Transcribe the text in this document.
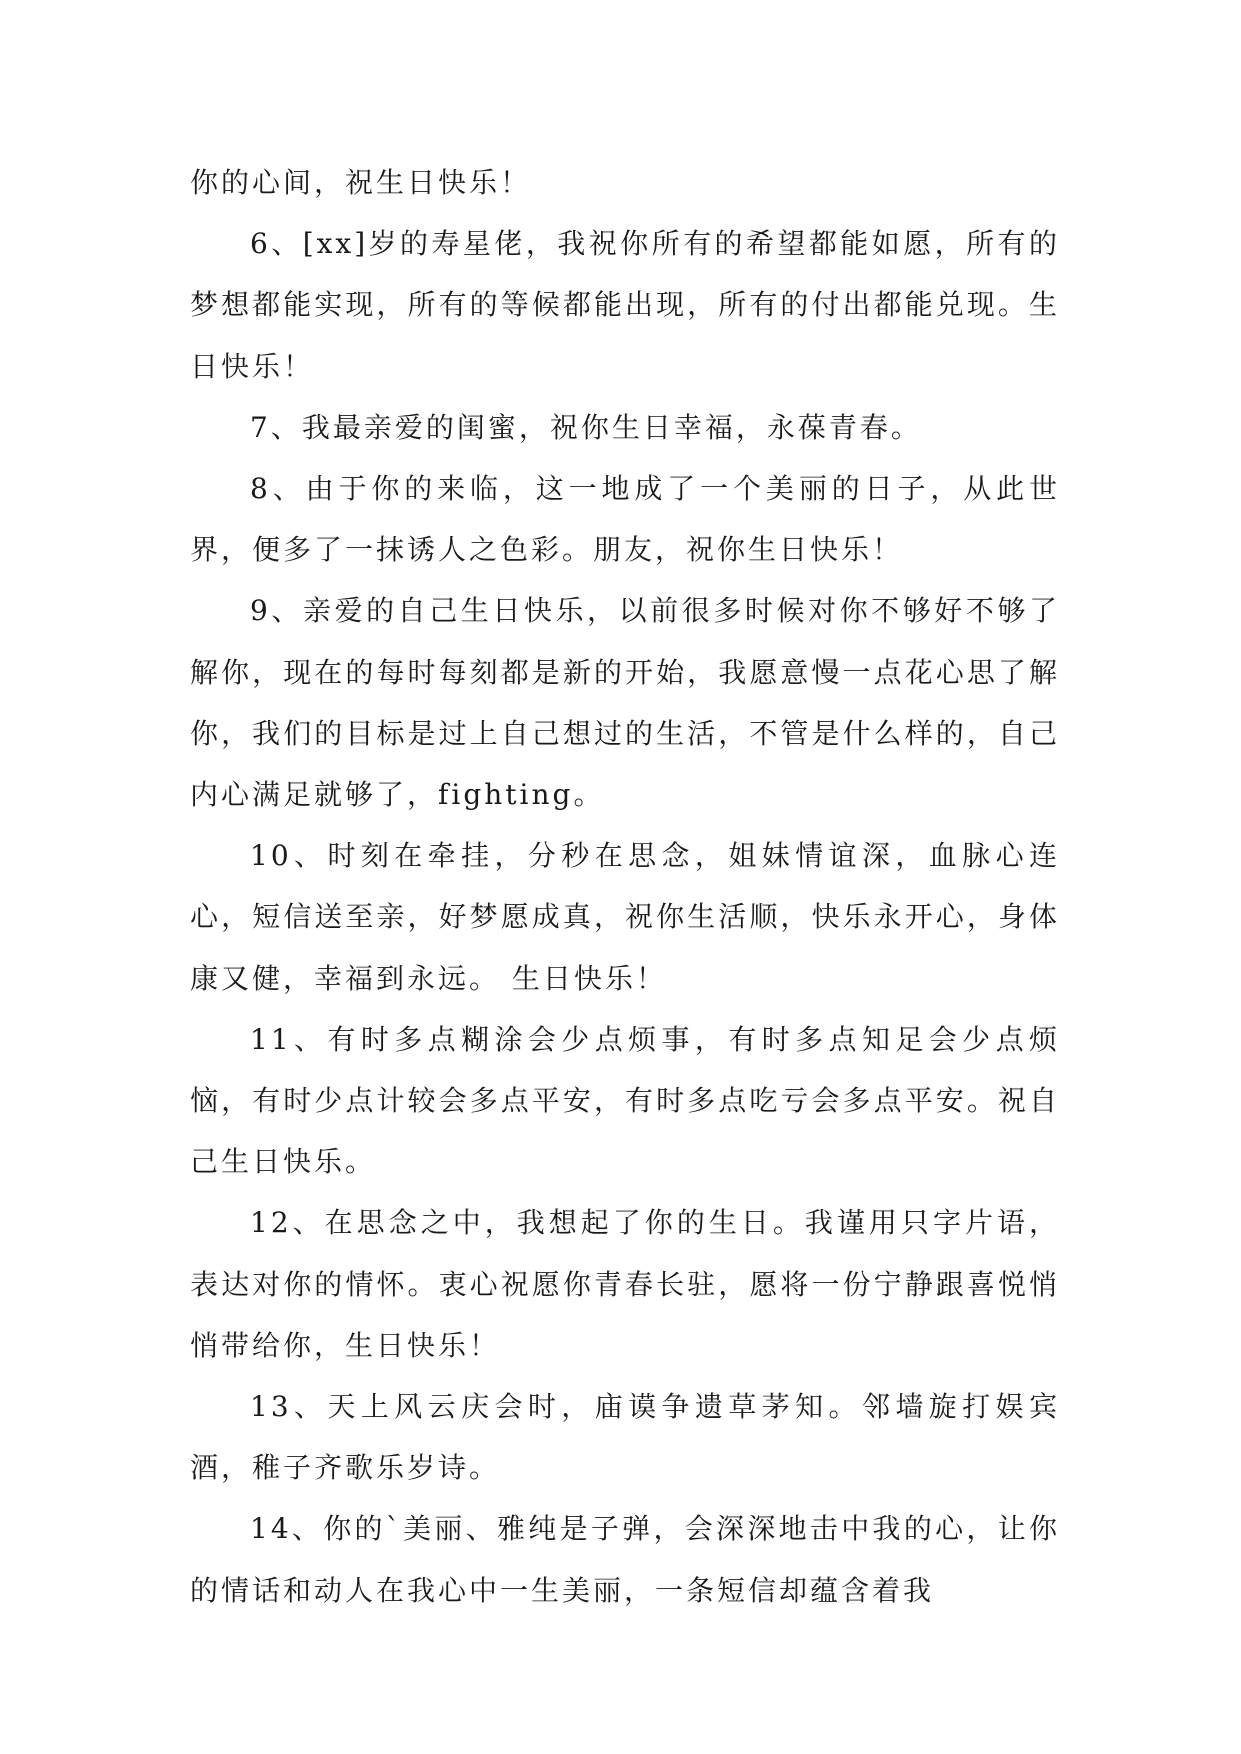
你的心间，祝生日快乐！

6、[xx]岁的寿星佬，我祝你所有的希望都能如愿，所有的梦想都能实现，所有的等候都能出现，所有的付出都能兑现。生日快乐！

7、我最亲爱的闺蜜，祝你生日幸福，永葆青春。

8、由于你的来临，这一地成了一个美丽的日子，从此世界，便多了一抹诱人之色彩。朋友，祝你生日快乐！

9、亲爱的自己生日快乐，以前很多时候对你不够好不够了解你，现在的每时每刻都是新的开始，我愿意慢一点花心思了解你，我们的目标是过上自己想过的生活，不管是什么样的，自己内心满足就够了，fighting。

10、时刻在牵挂，分秒在思念，姐妹情谊深，血脉心连心，短信送至亲，好梦愿成真，祝你生活顺，快乐永开心，身体康又健，幸福到永远。 生日快乐！

11、有时多点糊涂会少点烦事，有时多点知足会少点烦恼，有时少点计较会多点平安，有时多点吃亏会多点平安。祝自己生日快乐。

12、在思念之中，我想起了你的生日。我谨用只字片语，表达对你的情怀。衷心祝愿你青春长驻，愿将一份宁静跟喜悦悄悄带给你，生日快乐！

13、天上风云庆会时，庙谟争遗草茅知。邻墙旋打娱宾酒，稚子齐歌乐岁诗。

14、你的`美丽、雅纯是子弹，会深深地击中我的心，让你的情话和动人在我心中一生美丽，一条短信却蕴含着我
